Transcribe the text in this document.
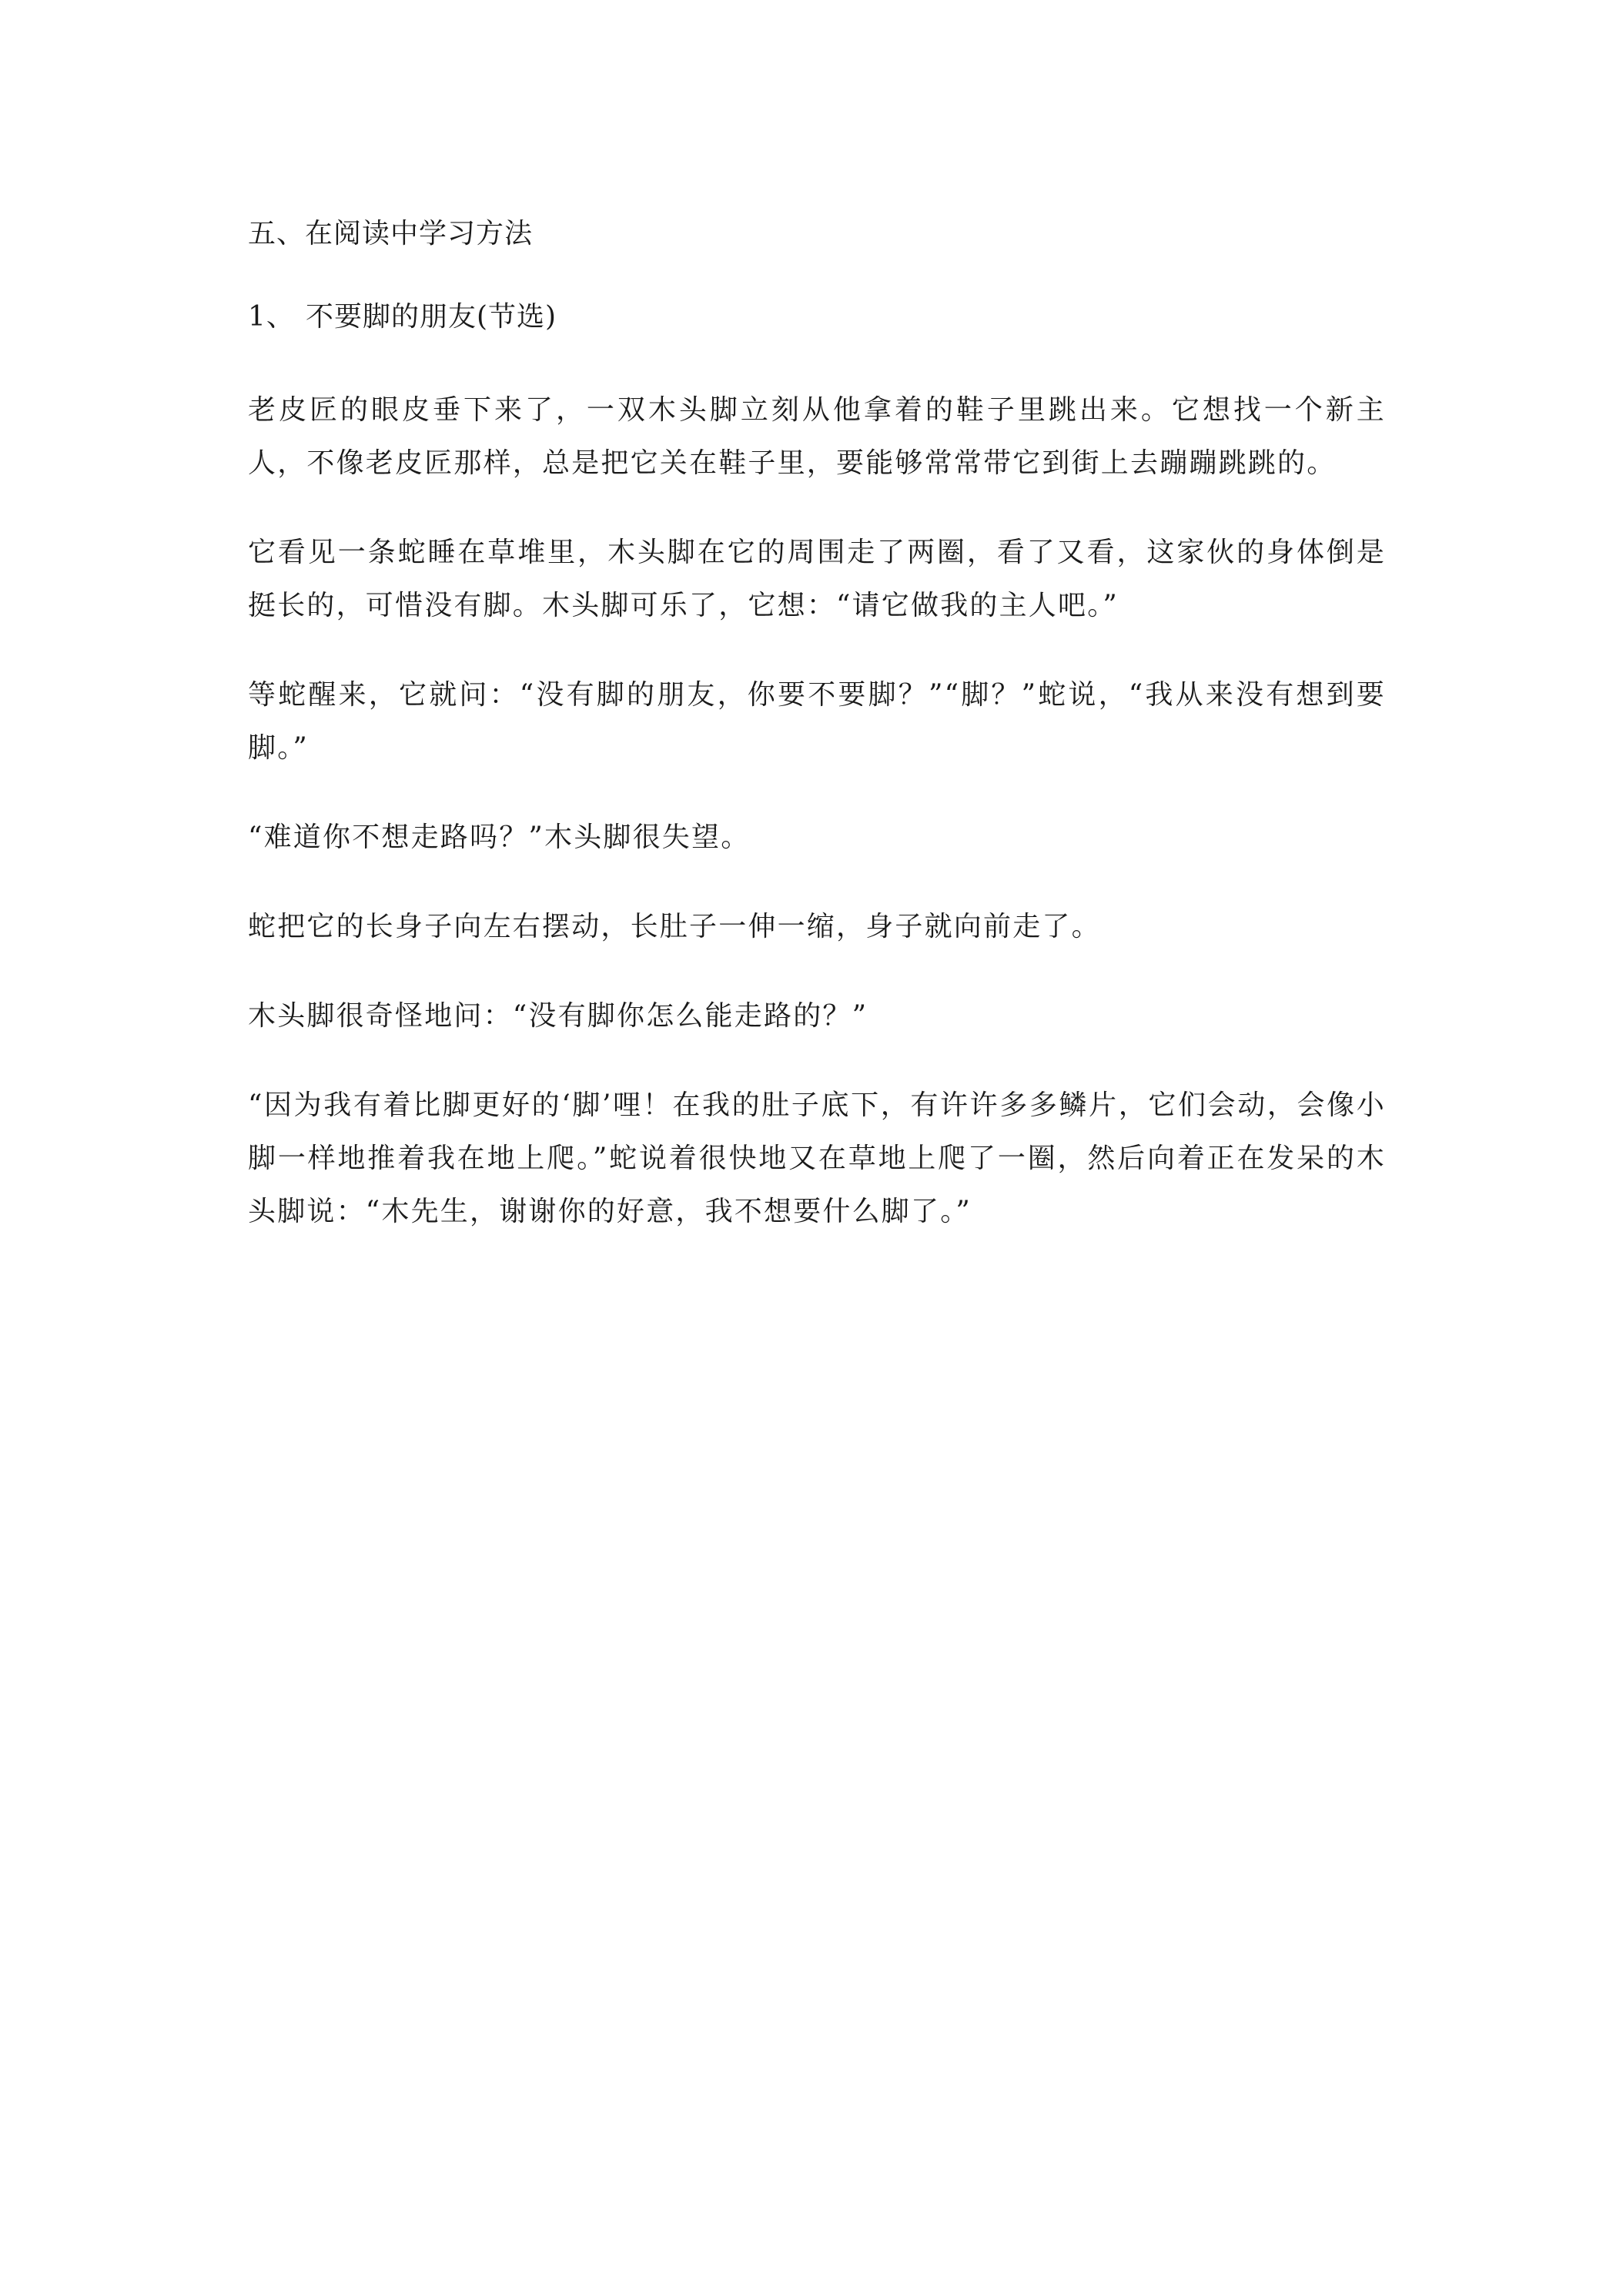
五、在阅读中学习方法
1、 不要脚的朋友(节选)

老皮匠的眼皮垂下来了，一双木头脚立刻从他拿着的鞋子里跳出来。它想找一个新主人，不像老皮匠那样，总是把它关在鞋子里，要能够常常带它到街上去蹦蹦跳跳的。

它看见一条蛇睡在草堆里，木头脚在它的周围走了两圈，看了又看，这家伙的身体倒是挺长的，可惜没有脚。木头脚可乐了，它想：“请它做我的主人吧。”

等蛇醒来，它就问：“没有脚的朋友，你要不要脚？”“脚？”蛇说，“我从来没有想到要脚。”

“难道你不想走路吗？”木头脚很失望。

蛇把它的长身子向左右摆动，长肚子一伸一缩，身子就向前走了。

木头脚很奇怪地问：“没有脚你怎么能走路的？”

“因为我有着比脚更好的‘脚’哩！在我的肚子底下，有许许多多鳞片，它们会动，会像小脚一样地推着我在地上爬。”蛇说着很快地又在草地上爬了一圈，然后向着正在发呆的木头脚说：“木先生，谢谢你的好意，我不想要什么脚了。”
